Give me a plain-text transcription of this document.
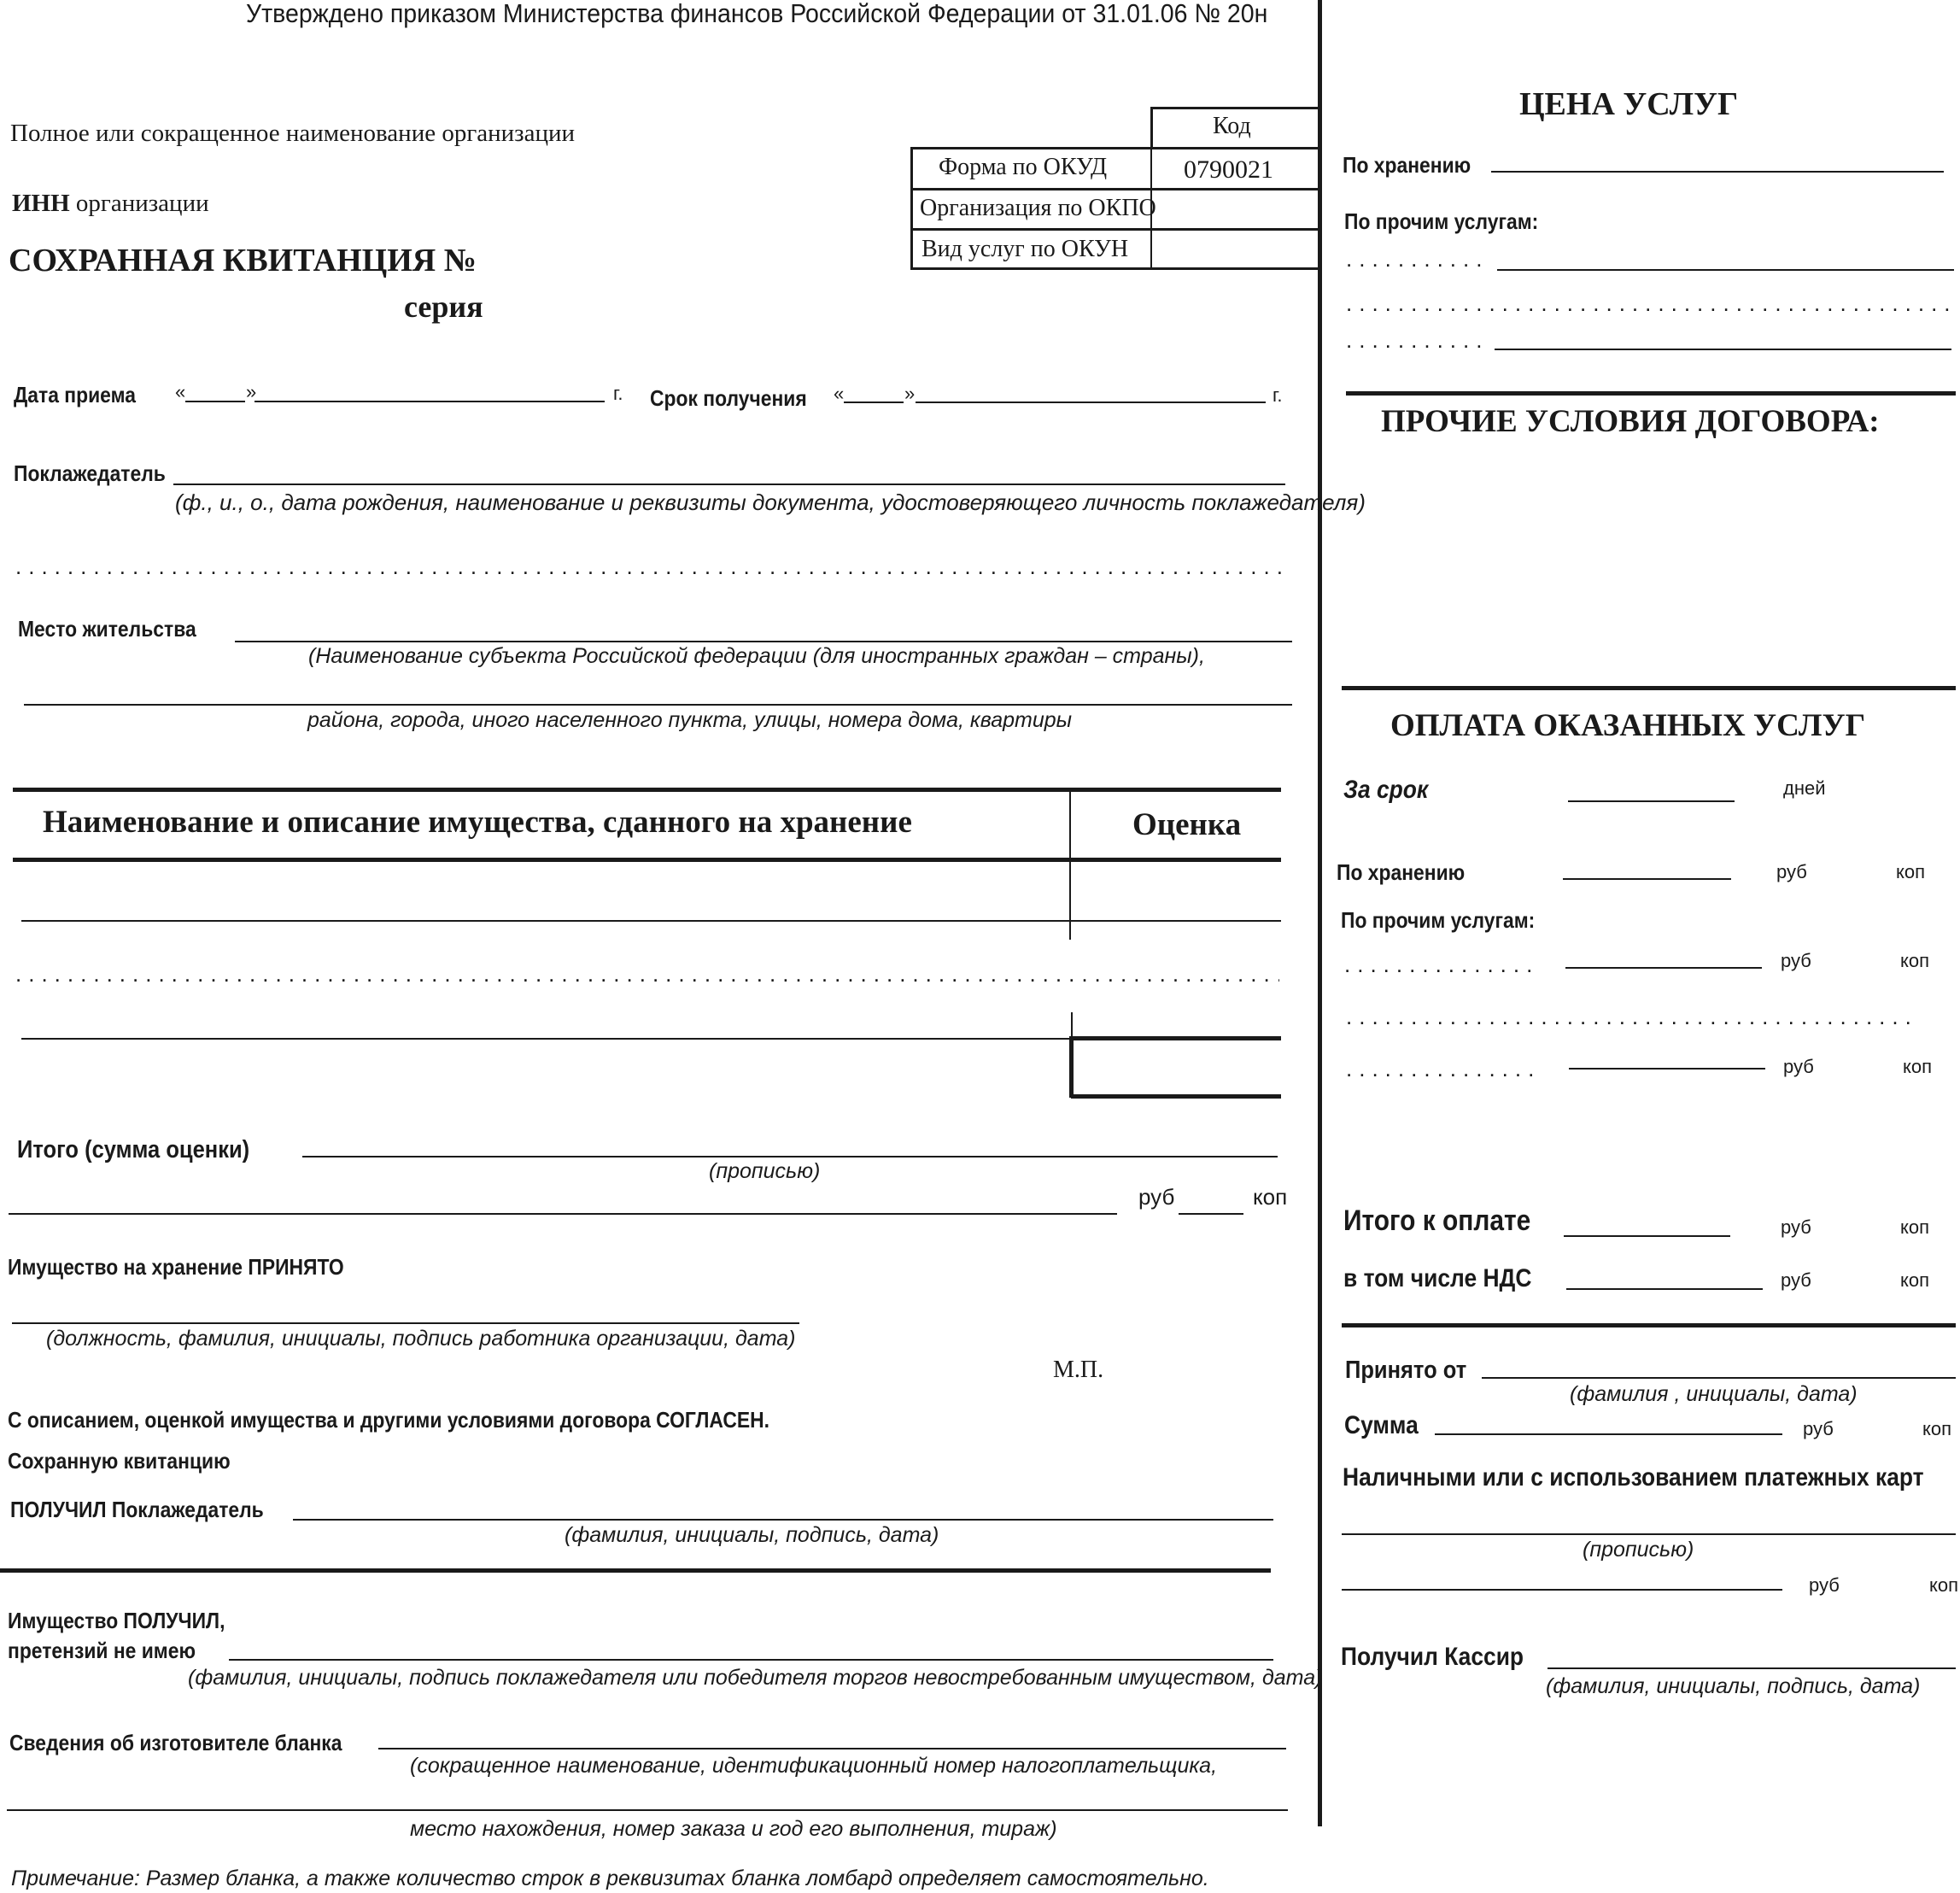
Утверждено приказом Министерства финансов Российской Федерации от 31.01.06 № 20н
Полное или сокращенное наименование организации
ИНН организации
Код
Форма по ОКУД	0790021
Организация по ОКПО
Вид услуг по ОКУН
СОХРАННАЯ КВИТАНЦИЯ №
серия
Дата приема «	»	г. Срок получения «	»	г.
Поклажедатель
(ф., и., о., дата рождения, наименование и реквизиты документа, удостоверяющего личность поклажедателя)
.....
Место жительства
(Наименование субъекта Российской федерации (для иностранных граждан – страны),
района, города, иного населенного пункта, улицы, номера дома, квартиры
Наименование и описание имущества, сданного на хранение	Оценка
.....
Итого (сумма оценки)
(прописью)
руб	коп
Имущество на хранение ПРИНЯТО
(должность, фамилия, инициалы, подпись работника организации, дата)
М.П.
С описанием, оценкой имущества и другими условиями договора СОГЛАСЕН.
Сохранную квитанцию
ПОЛУЧИЛ Поклажедатель
(фамилия, инициалы, подпись, дата)
Имущество ПОЛУЧИЛ,
претензий не имею
(фамилия, инициалы, подпись поклажедателя или победителя торгов невостребованным имуществом, дата)
Сведения об изготовителе бланка
(сокращенное наименование, идентификационный номер налогоплательщика,
место нахождения, номер заказа и год его выполнения, тираж)
Примечание: Размер бланка, а также количество строк в реквизитах бланка ломбард определяет самостоятельно.
ЦЕНА УСЛУГ
По хранению
По прочим услугам:
.....
.....
.....
ПРОЧИЕ УСЛОВИЯ ДОГОВОРА:
ОПЛАТА ОКАЗАННЫХ УСЛУГ
За срок	дней
По хранению	руб	коп
По прочим услугам:
.....
руб	коп
.....
.....
руб	коп
Итого к оплате	руб	коп
в том числе НДС	руб	коп
Принято от
(фамилия , инициалы, дата)
Сумма	руб	коп
Наличными или с использованием платежных карт
(прописью)
руб	коп
Получил Кассир
(фамилия, инициалы, подпись, дата)
